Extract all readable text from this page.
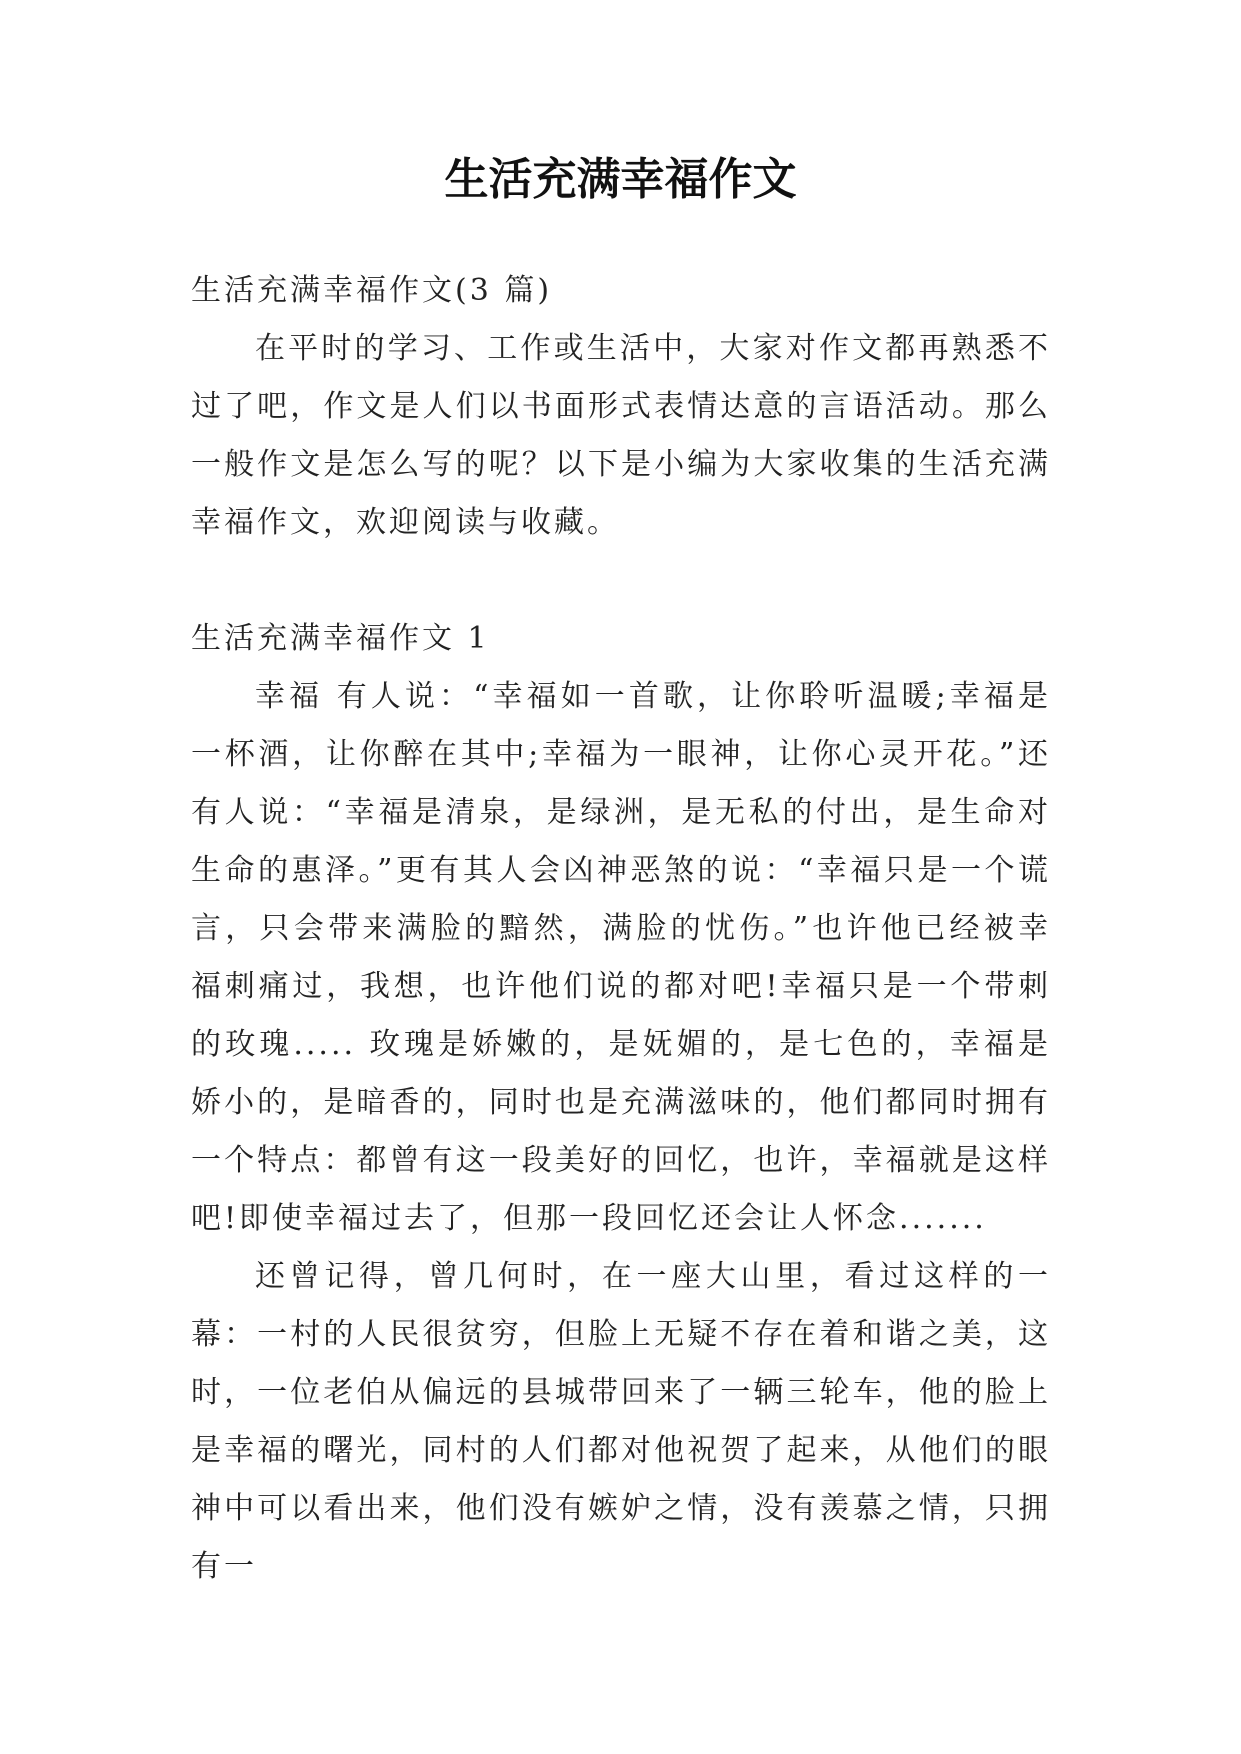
生活充满幸福作文

生活充满幸福作文(3 篇)

在平时的学习、工作或生活中，大家对作文都再熟悉不过了吧，作文是人们以书面形式表情达意的言语活动。那么一般作文是怎么写的呢？以下是小编为大家收集的生活充满幸福作文，欢迎阅读与收藏。

生活充满幸福作文 1

幸福 有人说：“幸福如一首歌，让你聆听温暖;幸福是一杯酒，让你醉在其中;幸福为一眼神，让你心灵开花。”还有人说：“幸福是清泉，是绿洲，是无私的付出，是生命对生命的惠泽。”更有其人会凶神恶煞的说：“幸福只是一个谎言，只会带来满脸的黯然，满脸的忧伤。”也许他已经被幸福刺痛过，我想，也许他们说的都对吧!幸福只是一个带刺的玫瑰..... 玫瑰是娇嫩的，是妩媚的，是七色的，幸福是娇小的，是暗香的，同时也是充满滋味的，他们都同时拥有一个特点：都曾有这一段美好的回忆，也许，幸福就是这样吧!即使幸福过去了，但那一段回忆还会让人怀念.......

还曾记得，曾几何时，在一座大山里，看过这样的一幕：一村的人民很贫穷，但脸上无疑不存在着和谐之美，这时，一位老伯从偏远的县城带回来了一辆三轮车，他的脸上是幸福的曙光，同村的人们都对他祝贺了起来，从他们的眼神中可以看出来，他们没有嫉妒之情，没有羡慕之情，只拥有一
